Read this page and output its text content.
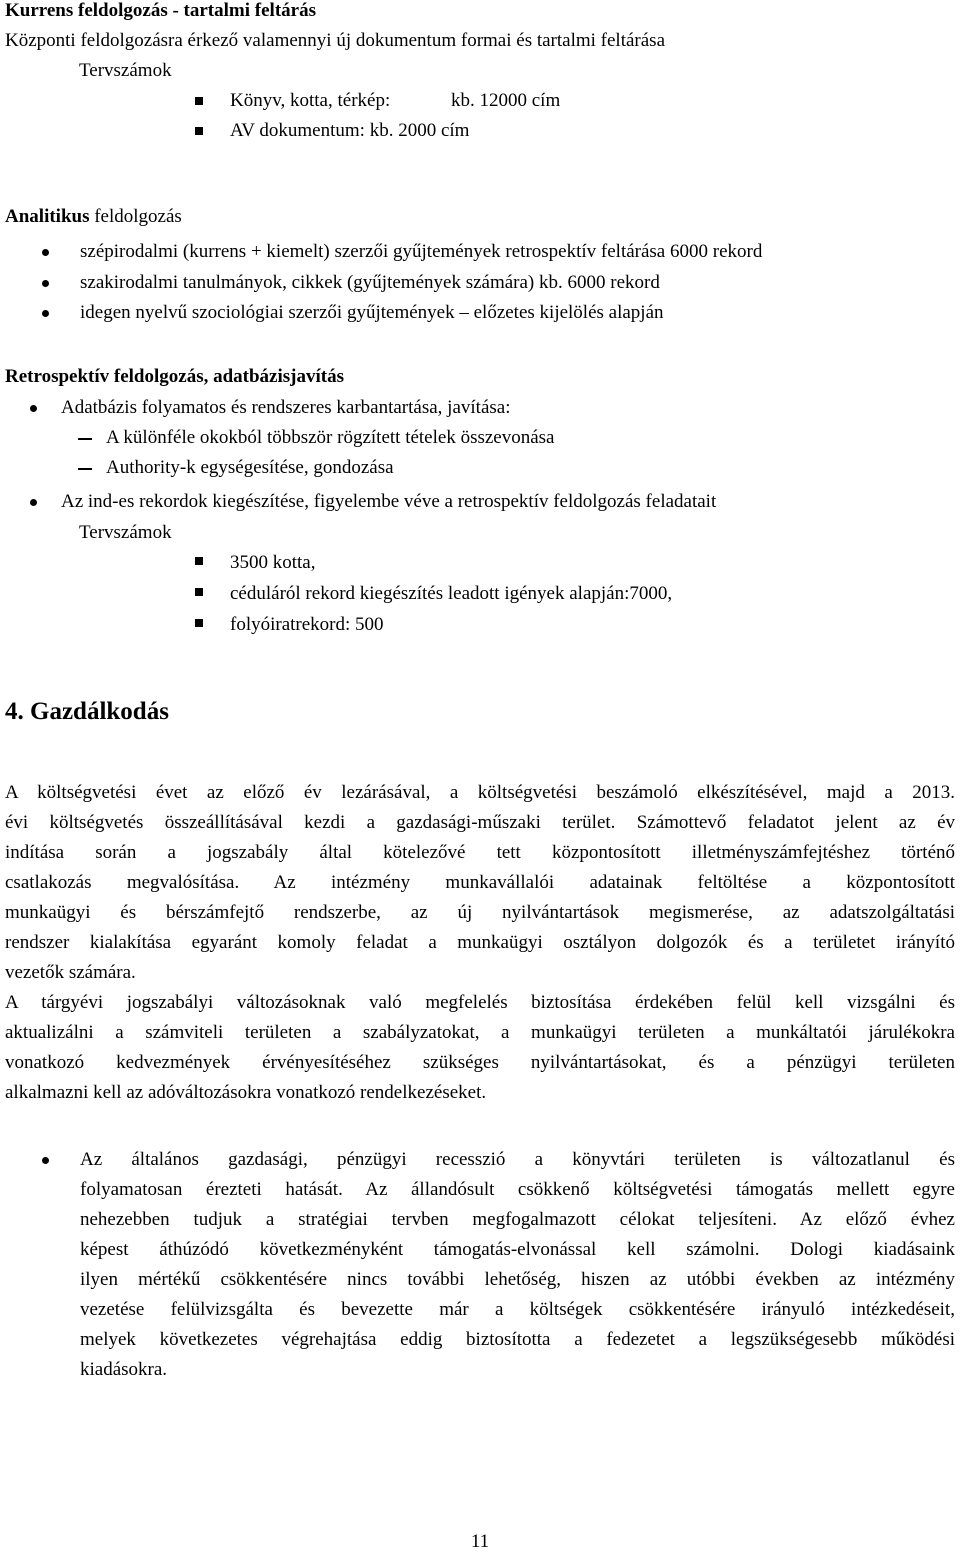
Kurrens feldolgozás - tartalmi feltárás
Központi feldolgozásra érkező valamennyi új dokumentum formai és tartalmi feltárása
Tervszámok
Könyv, kotta, térkép:	kb. 12000 cím
AV dokumentum: kb. 2000 cím
Analitikus feldolgozás
szépirodalmi (kurrens + kiemelt) szerzői gyűjtemények retrospektív feltárása 6000 rekord
szakirodalmi tanulmányok, cikkek (gyűjtemények számára) kb. 6000 rekord
idegen nyelvű szociológiai szerzői gyűjtemények – előzetes kijelölés alapján
Retrospektív feldolgozás, adatbázisjavítás
Adatbázis folyamatos és rendszeres karbantartása, javítása:
A különféle okokból többször rögzített tételek összevonása
Authority-k egységesítése, gondozása
Az ind-es rekordok kiegészítése, figyelembe véve a retrospektív feldolgozás feladatait
Tervszámok
3500 kotta,
céduláról rekord kiegészítés leadott igények alapján:7000,
folyóiratrekord: 500
4. Gazdálkodás
A költségvetési évet az előző év lezárásával, a költségvetési beszámoló elkészítésével, majd a 2013.
évi költségvetés összeállításával kezdi a gazdasági-műszaki terület. Számottevő feladatot jelent az év
indítása során a jogszabály által kötelezővé tett központosított illetményszámfejtéshez történő
csatlakozás megvalósítása. Az intézmény munkavállalói adatainak feltöltése a központosított
munkaügyi és bérszámfejtő rendszerbe, az új nyilvántartások megismerése, az adatszolgáltatási
rendszer kialakítása egyaránt komoly feladat a munkaügyi osztályon dolgozók és a területet irányító
vezetők számára.
A tárgyévi jogszabályi változásoknak való megfelelés biztosítása érdekében felül kell vizsgálni és
aktualizálni a számviteli területen a szabályzatokat, a munkaügyi területen a munkáltatói járulékokra
vonatkozó kedvezmények érvényesítéséhez szükséges nyilvántartásokat, és a pénzügyi területen
alkalmazni kell az adóváltozásokra vonatkozó rendelkezéseket.
Az általános gazdasági, pénzügyi recesszió a könyvtári területen is változatlanul és
folyamatosan érezteti hatását. Az állandósult csökkenő költségvetési támogatás mellett egyre
nehezebben tudjuk a stratégiai tervben megfogalmazott célokat teljesíteni. Az előző évhez
képest áthúzódó következményként támogatás-elvonással kell számolni. Dologi kiadásaink
ilyen mértékű csökkentésére nincs további lehetőség, hiszen az utóbbi években az intézmény
vezetése felülvizsgálta és bevezette már a költségek csökkentésére irányuló intézkedéseit,
melyek következetes végrehajtása eddig biztosította a fedezetet a legszükségesebb működési
kiadásokra.
11
